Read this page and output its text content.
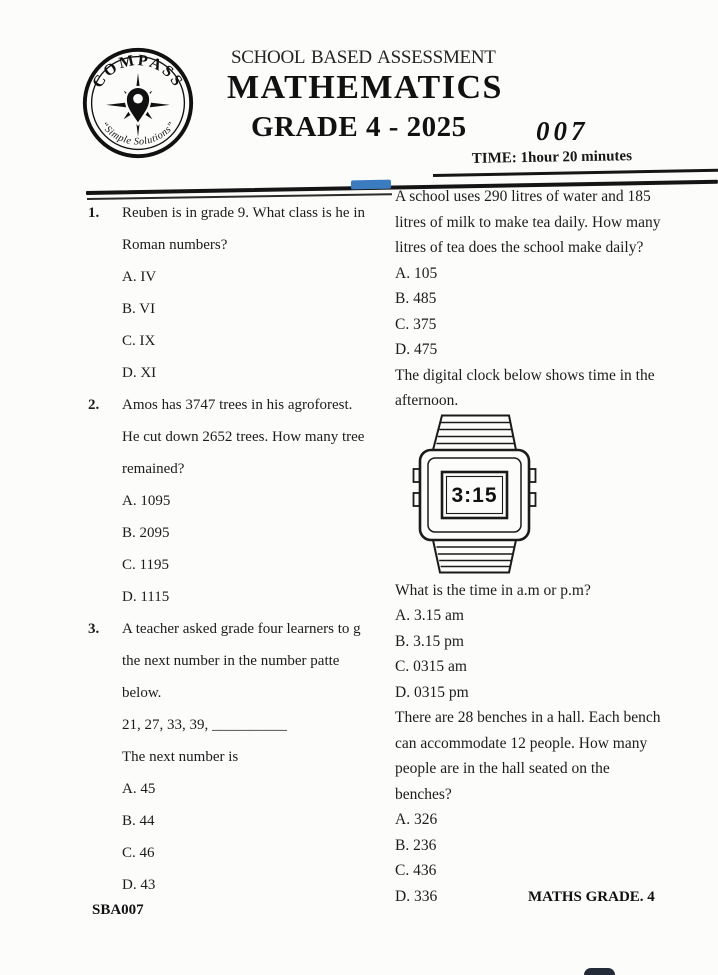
COMPASS
“Simple Solutions”
SCHOOL BASED ASSESSMENT
MATHEMATICS
GRADE 4 - 2025	007
TIME: 1hour 20 minutes
1.	Reuben is in grade 9. What class is he in
Roman numbers?
A. IV
B. VI
C. IX
D. XI
2.	Amos has 3747 trees in his agroforest.
He cut down 2652 trees. How many tree
remained?
A. 1095
B. 2095
C. 1195
D. 1115
3.	A teacher asked grade four learners to g
the next number in the number patte
below.
21, 27, 33, 39, __________
The next number is
A. 45
B. 44
C. 46
D. 43
A school uses 290 litres of water and 185
litres of milk to make tea daily. How many
litres of tea does the school make daily?
A. 105
B. 485
C. 375
D. 475
The digital clock below shows time in the
afternoon.
3:15
What is the time in a.m or p.m?
A. 3.15 am
B. 3.15 pm
C. 0315 am
D. 0315 pm
There are 28 benches in a hall. Each bench
can accommodate 12 people. How many
people are in the hall seated on the
benches?
A. 326
B. 236
C. 436
D. 336
SBA007
MATHS GRADE. 4
